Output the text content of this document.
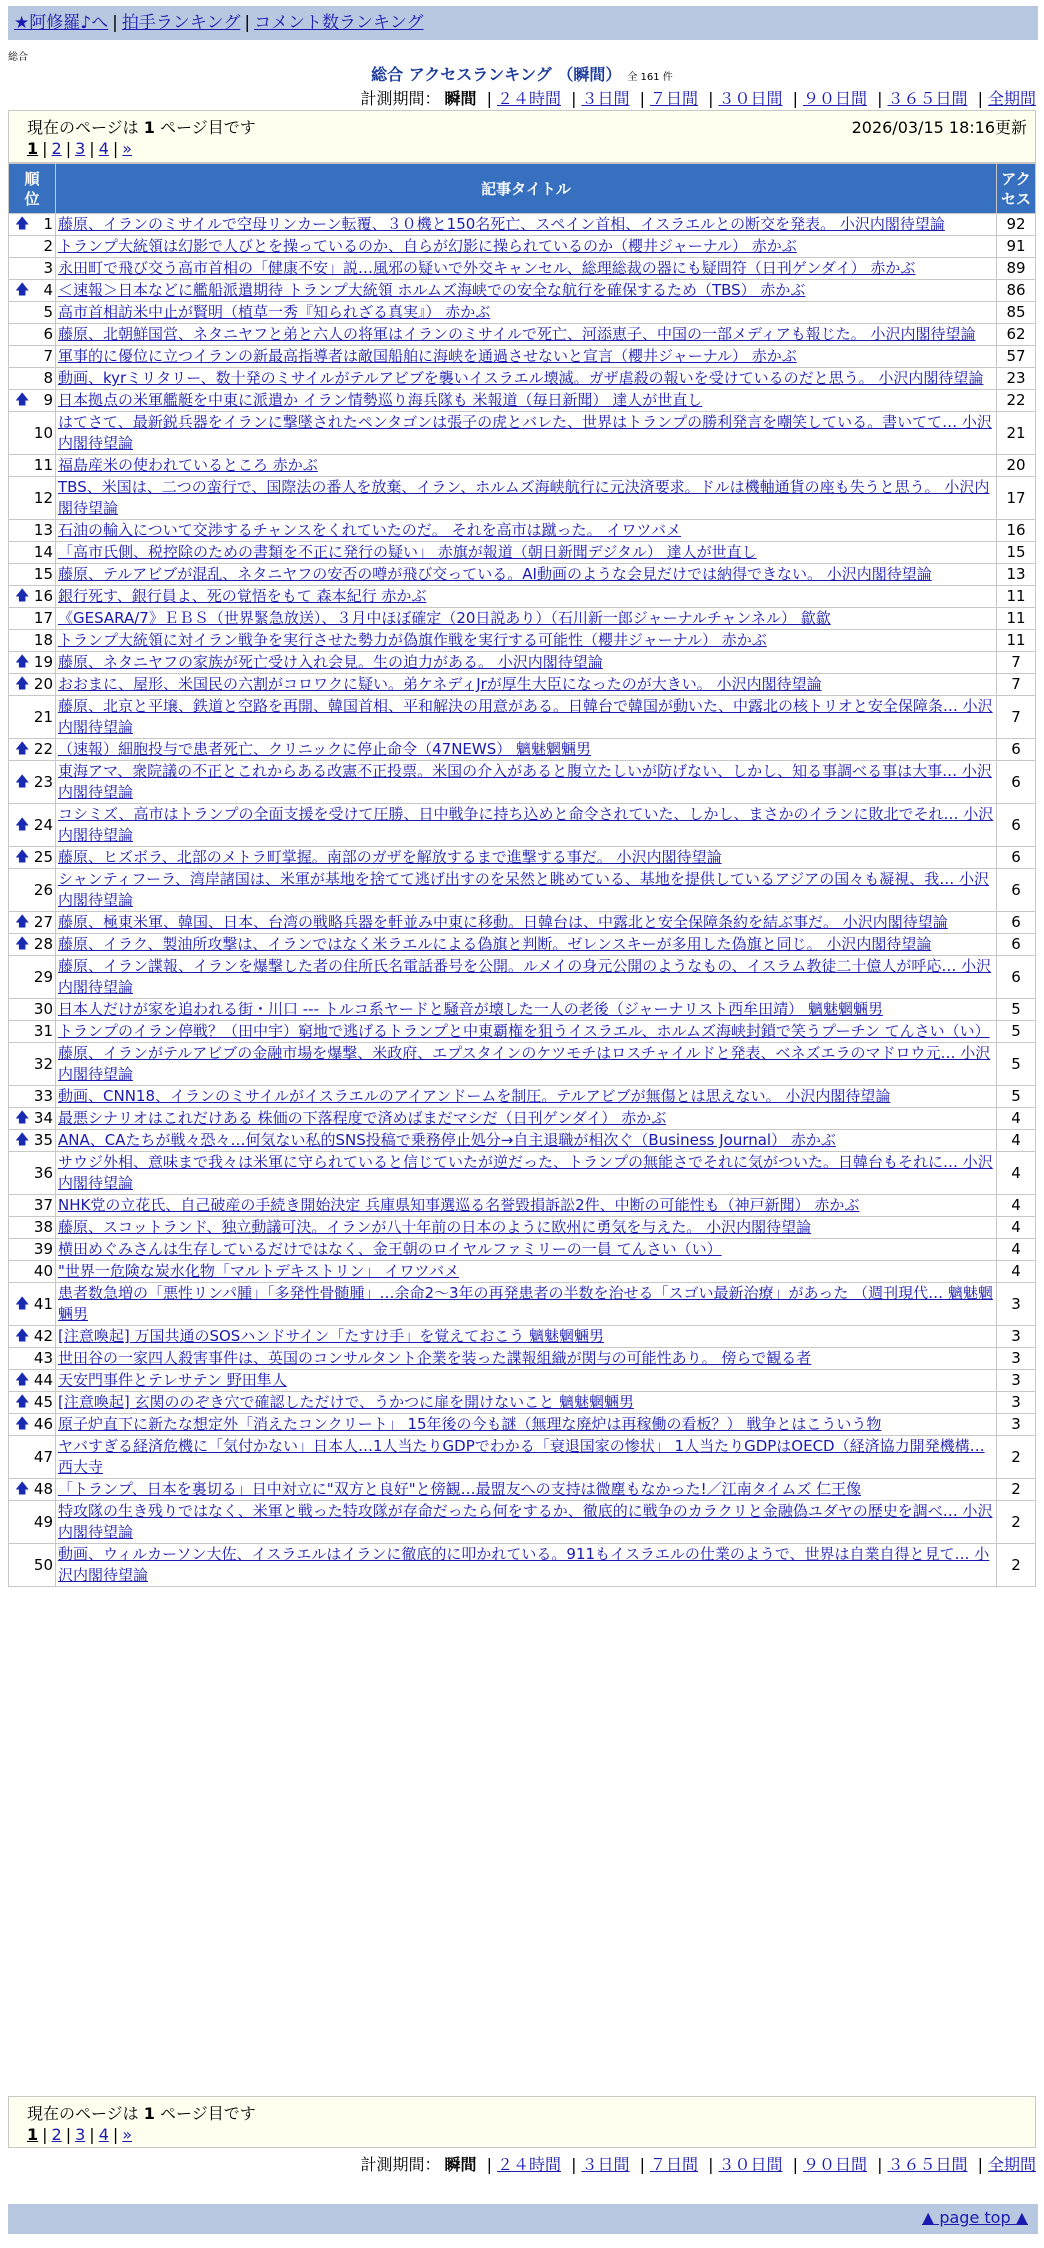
★阿修羅♪へ | 拍手ランキング | コメント数ランキング
総合
総合 アクセスランキング （瞬間） 全 161 件
計測期間： 瞬間 | ２４時間 | ３日間 | ７日間 | ３０日間 | ９０日間 | ３６５日間 | 全期間
現在のページは 1 ページ目です	2026/03/15 18:16更新
1 | 2 | 3 | 4 | »
順位	記事タイトル	アクセス

🡅 1	藤原、イランのミサイルで空母リンカーン転覆、３０機と150名死亡、スペイン首相、イスラエルとの断交を発表。 小沢内閣待望論	92
2	トランプ大統領は幻影で人びとを操っているのか、自らが幻影に操られているのか（櫻井ジャーナル） 赤かぶ	91
3	永田町で飛び交う高市首相の「健康不安」説…風邪の疑いで外交キャンセル、総理総裁の器にも疑問符（日刊ゲンダイ） 赤かぶ	89

🡅 4	＜速報＞日本などに艦船派遣期待 トランプ大統領 ホルムズ海峡での安全な航行を確保するため（TBS） 赤かぶ	86
5	高市首相訪米中止が賢明（植草一秀『知られざる真実』） 赤かぶ	85
6	藤原、北朝鮮国営、ネタニヤフと弟と六人の将軍はイランのミサイルで死亡、河添恵子、中国の一部メディアも報じた。 小沢内閣待望論	62
7	軍事的に優位に立つイランの新最高指導者は敵国船舶に海峡を通過させないと宣言（櫻井ジャーナル） 赤かぶ	57
8	動画、kyrミリタリー、数十発のミサイルがテルアビブを襲いイスラエル壊滅。ガザ虐殺の報いを受けているのだと思う。 小沢内閣待望論	23

🡅 9	日本拠点の米軍艦艇を中東に派遣か イラン情勢巡り海兵隊も 米報道（毎日新聞） 達人が世直し	22
10	はてさて、最新鋭兵器をイランに撃墜されたペンタゴンは張子の虎とバレた、世界はトランプの勝利発言を嘲笑している。書いてて… 小沢内閣待望論	21
11	福島産米の使われているところ 赤かぶ	20
12	TBS、米国は、二つの蛮行で、国際法の番人を放棄、イラン、ホルムズ海峡航行に元決済要求。ドルは機軸通貨の座も失うと思う。 小沢内閣待望論	17
13	石油の輸入について交渉するチャンスをくれていたのだ。 それを高市は蹴った。 イワツバメ	16
14	「高市氏側、税控除のための書類を不正に発行の疑い」 赤旗が報道（朝日新聞デジタル） 達人が世直し	15
15	藤原、テルアビブが混乱、ネタニヤフの安否の噂が飛び交っている。AI動画のような会見だけでは納得できない。 小沢内閣待望論	13

🡅 16	銀行死す、銀行員よ、死の覚悟をもて 森本紀行 赤かぶ	11
17	《GESARA/7》ＥＢＳ（世界緊急放送）、３月中ほぼ確定（20日説あり）（石川新一郎ジャーナルチャンネル） 歙歙	11
18	トランプ大統領に対イラン戦争を実行させた勢力が偽旗作戦を実行する可能性（櫻井ジャーナル） 赤かぶ	11

🡅 19	藤原、ネタニヤフの家族が死亡受け入れ会見。生の迫力がある。 小沢内閣待望論	7

🡅 20	おおまに、屋形、米国民の六割がコロワクに疑い。弟ケネディJrが厚生大臣になったのが大きい。 小沢内閣待望論	7
21	藤原、北京と平壌、鉄道と空路を再開、韓国首相、平和解決の用意がある。日韓台で韓国が動いた、中露北の核トリオと安全保障条… 小沢内閣待望論	7

🡅 22	（速報）細胞投与で患者死亡、クリニックに停止命令（47NEWS） 魑魅魍魎男	6

🡅 23	東海アマ、衆院議の不正とこれからある改憲不正投票。米国の介入があると腹立たしいが防げない、しかし、知る事調べる事は大事… 小沢内閣待望論	6

🡅 24	コシミズ、高市はトランプの全面支援を受けて圧勝、日中戦争に持ち込めと命令されていた、しかし、まさかのイランに敗北でそれ… 小沢内閣待望論	6

🡅 25	藤原、ヒズボラ、北部のメトラ町掌握。南部のガザを解放するまで進撃する事だ。 小沢内閣待望論	6
26	シャンティフーラ、湾岸諸国は、米軍が基地を捨てて逃げ出すのを呆然と眺めている、基地を提供しているアジアの国々も凝視、我… 小沢内閣待望論	6

🡅 27	藤原、極東米軍、韓国、日本、台湾の戦略兵器を軒並み中東に移動。日韓台は、中露北と安全保障条約を結ぶ事だ。 小沢内閣待望論	6

🡅 28	藤原、イラク、製油所攻撃は、イランではなく米ラエルによる偽旗と判断。ゼレンスキーが多用した偽旗と同じ。 小沢内閣待望論	6
29	藤原、イラン諜報、イランを爆撃した者の住所氏名電話番号を公開。ルメイの身元公開のようなもの、イスラム教徒二十億人が呼応… 小沢内閣待望論	6
30	日本人だけが家を追われる街・川口 --- トルコ系ヤードと騒音が壊した一人の老後（ジャーナリスト西牟田靖） 魑魅魍魎男	5
31	トランプのイラン停戦？（田中宇）窮地で逃げるトランプと中東覇権を狙うイスラエル、ホルムズ海峡封鎖で笑うプーチン てんさい（い）	5
32	藤原、イランがテルアビブの金融市場を爆撃、米政府、エプスタインのケツモチはロスチャイルドと発表、ベネズエラのマドロウ元… 小沢内閣待望論	5
33	動画、CNN18、イランのミサイルがイスラエルのアイアンドームを制圧。テルアビブが無傷とは思えない。 小沢内閣待望論	5

🡅 34	最悪シナリオはこれだけある 株価の下落程度で済めばまだマシだ（日刊ゲンダイ） 赤かぶ	4

🡅 35	ANA、CAたちが戦々恐々…何気ない私的SNS投稿で乗務停止処分→自主退職が相次ぐ（Business Journal） 赤かぶ	4
36	サウジ外相、意味まで我々は米軍に守られていると信じていたが逆だった、トランプの無能さでそれに気がついた。日韓台もそれに… 小沢内閣待望論	4
37	NHK党の立花氏、自己破産の手続き開始決定 兵庫県知事選巡る名誉毀損訴訟2件、中断の可能性も（神戸新聞） 赤かぶ	4
38	藤原、スコットランド、独立動議可決。イランが八十年前の日本のように欧州に勇気を与えた。 小沢内閣待望論	4
39	横田めぐみさんは生存しているだけではなく、金王朝のロイヤルファミリーの一員 てんさい（い）	4
40	"世界一危険な炭水化物「マルトデキストリン」 イワツバメ	4

🡅 41	患者数急増の「悪性リンパ腫」「多発性骨髄腫」…余命2〜3年の再発患者の半数を治せる「スゴい最新治療」があった （週刊現代… 魑魅魍魎男	3

🡅 42	[注意喚起] 万国共通のSOSハンドサイン「たすけ手」を覚えておこう 魑魅魍魎男	3
43	世田谷の一家四人殺害事件は、英国のコンサルタント企業を装った諜報組織が関与の可能性あり。 傍らで観る者	3

🡅 44	天安門事件とテレサテン 野田隼人	3

🡅 45	[注意喚起] 玄関ののぞき穴で確認しただけで、うかつに扉を開けないこと 魑魅魍魎男	3

🡅 46	原子炉直下に新たな想定外「消えたコンクリート」 15年後の今も謎（無理な廃炉は再稼働の看板？） 戦争とはこういう物	3
47	ヤバすぎる経済危機に「気付かない」日本人…1人当たりGDPでわかる「衰退国家の惨状」 1人当たりGDPはOECD（経済協力開発機構… 西大寺	2

🡅 48	「トランプ、日本を裏切る」日中対立に"双方と良好"と傍観…最盟友への支持は微塵もなかった!／江南タイムズ 仁王像	2
49	特攻隊の生き残りではなく、米軍と戦った特攻隊が存命だったら何をするか、徹底的に戦争のカラクリと金融偽ユダヤの歴史を調べ… 小沢内閣待望論	2
50	動画、ウィルカーソン大佐、イスラエルはイランに徹底的に叩かれている。911もイスラエルの仕業のようで、世界は自業自得と見て… 小沢内閣待望論	2
現在のページは 1 ページ目です
1 | 2 | 3 | 4 | »
計測期間： 瞬間 | ２４時間 | ３日間 | ７日間 | ３０日間 | ９０日間 | ３６５日間 | 全期間
▲ page top ▲
